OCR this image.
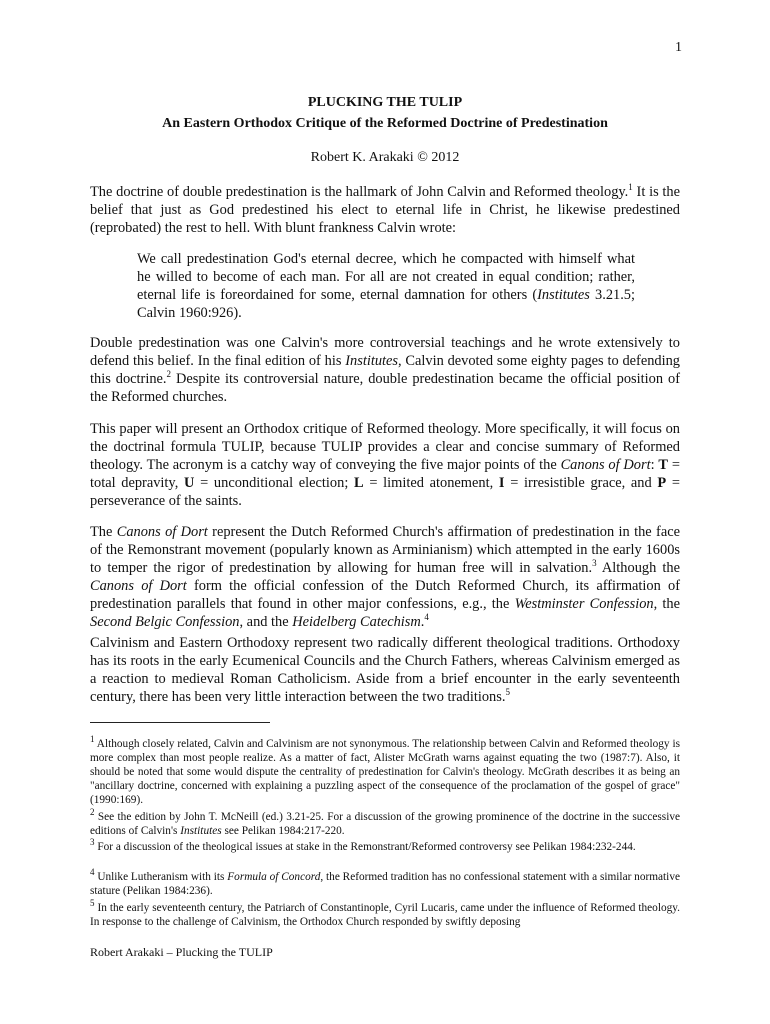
1
PLUCKING THE TULIP
An Eastern Orthodox Critique of the Reformed Doctrine of Predestination
Robert K. Arakaki © 2012

The doctrine of double predestination is the hallmark of John Calvin and Reformed theology.$^1$ It is the belief that just as God predestined his elect to eternal life in Christ, he likewise predestined (reprobated) the rest to hell. With blunt frankness Calvin wrote:

We call predestination God's eternal decree, which he compacted with himself what he willed to become of each man. For all are not created in equal condition; rather, eternal life is foreordained for some, eternal damnation for others (Institutes 3.21.5; Calvin 1960:926).

Double predestination was one Calvin's more controversial teachings and he wrote extensively to defend this belief. In the final edition of his Institutes, Calvin devoted some eighty pages to defending this doctrine.$^2$ Despite its controversial nature, double predestination became the official position of the Reformed churches.

This paper will present an Orthodox critique of Reformed theology. More specifically, it will focus on the doctrinal formula TULIP, because TULIP provides a clear and concise summary of Reformed theology. The acronym is a catchy way of conveying the five major points of the Canons of Dort: T = total depravity, U = unconditional election; L = limited atonement, I = irresistible grace, and P = perseverance of the saints.

The Canons of Dort represent the Dutch Reformed Church's affirmation of predestination in the face of the Remonstrant movement (popularly known as Arminianism) which attempted in the early 1600s to temper the rigor of predestination by allowing for human free will in salvation.$^3$ Although the Canons of Dort form the official confession of the Dutch Reformed Church, its affirmation of predestination parallels that found in other major confessions, e.g., the Westminster Confession, the Second Belgic Confession, and the Heidelberg Catechism.$^4$

Calvinism and Eastern Orthodoxy represent two radically different theological traditions. Orthodoxy has its roots in the early Ecumenical Councils and the Church Fathers, whereas Calvinism emerged as a reaction to medieval Roman Catholicism. Aside from a brief encounter in the early seventeenth century, there has been very little interaction between the two traditions.$^5$

$^1$ Although closely related, Calvin and Calvinism are not synonymous. The relationship between Calvin and Reformed theology is more complex than most people realize. As a matter of fact, Alister McGrath warns against equating the two (1987:7). Also, it should be noted that some would dispute the centrality of predestination for Calvin's theology. McGrath describes it as being an "ancillary doctrine, concerned with explaining a puzzling aspect of the consequence of the proclamation of the gospel of grace" (1990:169).

$^2$ See the edition by John T. McNeill (ed.) 3.21-25. For a discussion of the growing prominence of the doctrine in the successive editions of Calvin's Institutes see Pelikan 1984:217-220.

$^3$ For a discussion of the theological issues at stake in the Remonstrant/Reformed controversy see Pelikan 1984:232-244.

$^4$ Unlike Lutheranism with its Formula of Concord, the Reformed tradition has no confessional statement with a similar normative stature (Pelikan 1984:236).

$^5$ In the early seventeenth century, the Patriarch of Constantinople, Cyril Lucaris, came under the influence of Reformed theology. In response to the challenge of Calvinism, the Orthodox Church responded by swiftly deposing

Robert Arakaki – Plucking the TULIP
